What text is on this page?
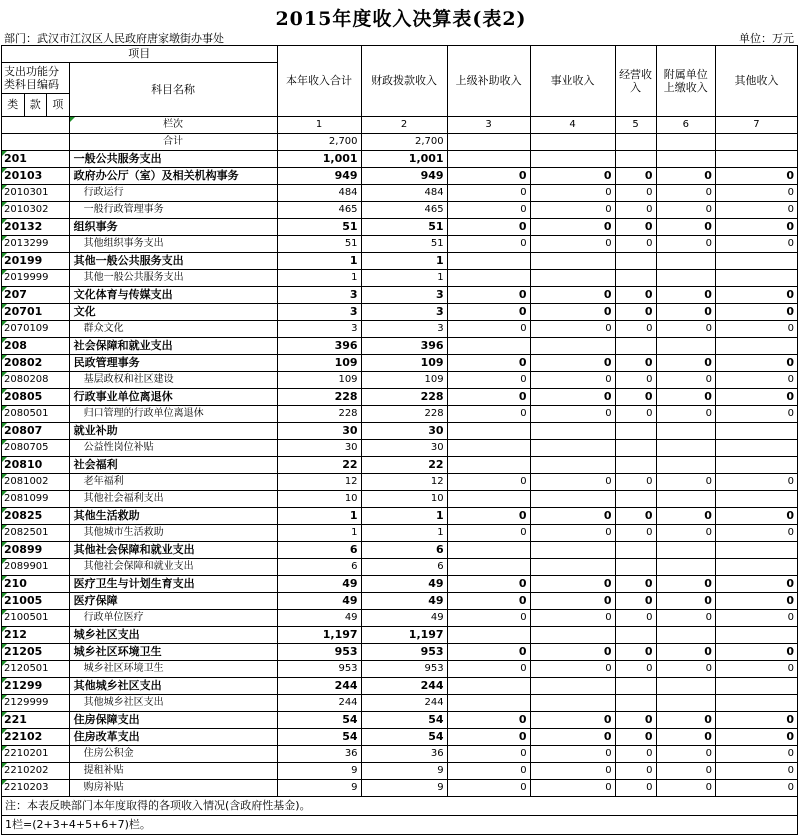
2015年度收入决算表(表2)
部门：武汉市江汉区人民政府唐家墩街办事处	单位：万元
项目				本年收入合计	财政拨款收入	上级补助收入	事业收入	经营收入	附属单位上缴收入	其他收入
支出功能分类科目编码			科目名称							
类	款	项								
			栏次	1	2	3	4	5	6	7
			合计	2,700	2,700					
201			一般公共服务支出	1,001	1,001					
20103			政府办公厅（室）及相关机构事务	949	949	0	0	0	0	0
2010301			行政运行	484	484	0	0	0	0	0
2010302			一般行政管理事务	465	465	0	0	0	0	0
20132			组织事务	51	51	0	0	0	0	0
2013299			其他组织事务支出	51	51	0	0	0	0	0
20199			其他一般公共服务支出	1	1					
2019999			其他一般公共服务支出	1	1					
207			文化体育与传媒支出	3	3	0	0	0	0	0
20701			文化	3	3	0	0	0	0	0
2070109			群众文化	3	3	0	0	0	0	0
208			社会保障和就业支出	396	396					
20802			民政管理事务	109	109	0	0	0	0	0
2080208			基层政权和社区建设	109	109	0	0	0	0	0
20805			行政事业单位离退休	228	228	0	0	0	0	0
2080501			归口管理的行政单位离退休	228	228	0	0	0	0	0
20807			就业补助	30	30					
2080705			公益性岗位补贴	30	30					
20810			社会福利	22	22					
2081002			老年福利	12	12	0	0	0	0	0
2081099			其他社会福利支出	10	10					
20825			其他生活救助	1	1	0	0	0	0	0
2082501			其他城市生活救助	1	1	0	0	0	0	0
20899			其他社会保障和就业支出	6	6					
2089901			其他社会保障和就业支出	6	6					
210			医疗卫生与计划生育支出	49	49	0	0	0	0	0
21005			医疗保障	49	49	0	0	0	0	0
2100501			行政单位医疗	49	49	0	0	0	0	0
212			城乡社区支出	1,197	1,197					
21205			城乡社区环境卫生	953	953	0	0	0	0	0
2120501			城乡社区环境卫生	953	953	0	0	0	0	0
21299			其他城乡社区支出	244	244					
2129999			其他城乡社区支出	244	244					
221			住房保障支出	54	54	0	0	0	0	0
22102			住房改革支出	54	54	0	0	0	0	0
2210201			住房公积金	36	36	0	0	0	0	0
2210202			提租补贴	9	9	0	0	0	0	0
2210203			购房补贴	9	9	0	0	0	0	0
注：本表反映部门本年度取得的各项收入情况(含政府性基金)。										
1栏=(2+3+4+5+6+7)栏。										
